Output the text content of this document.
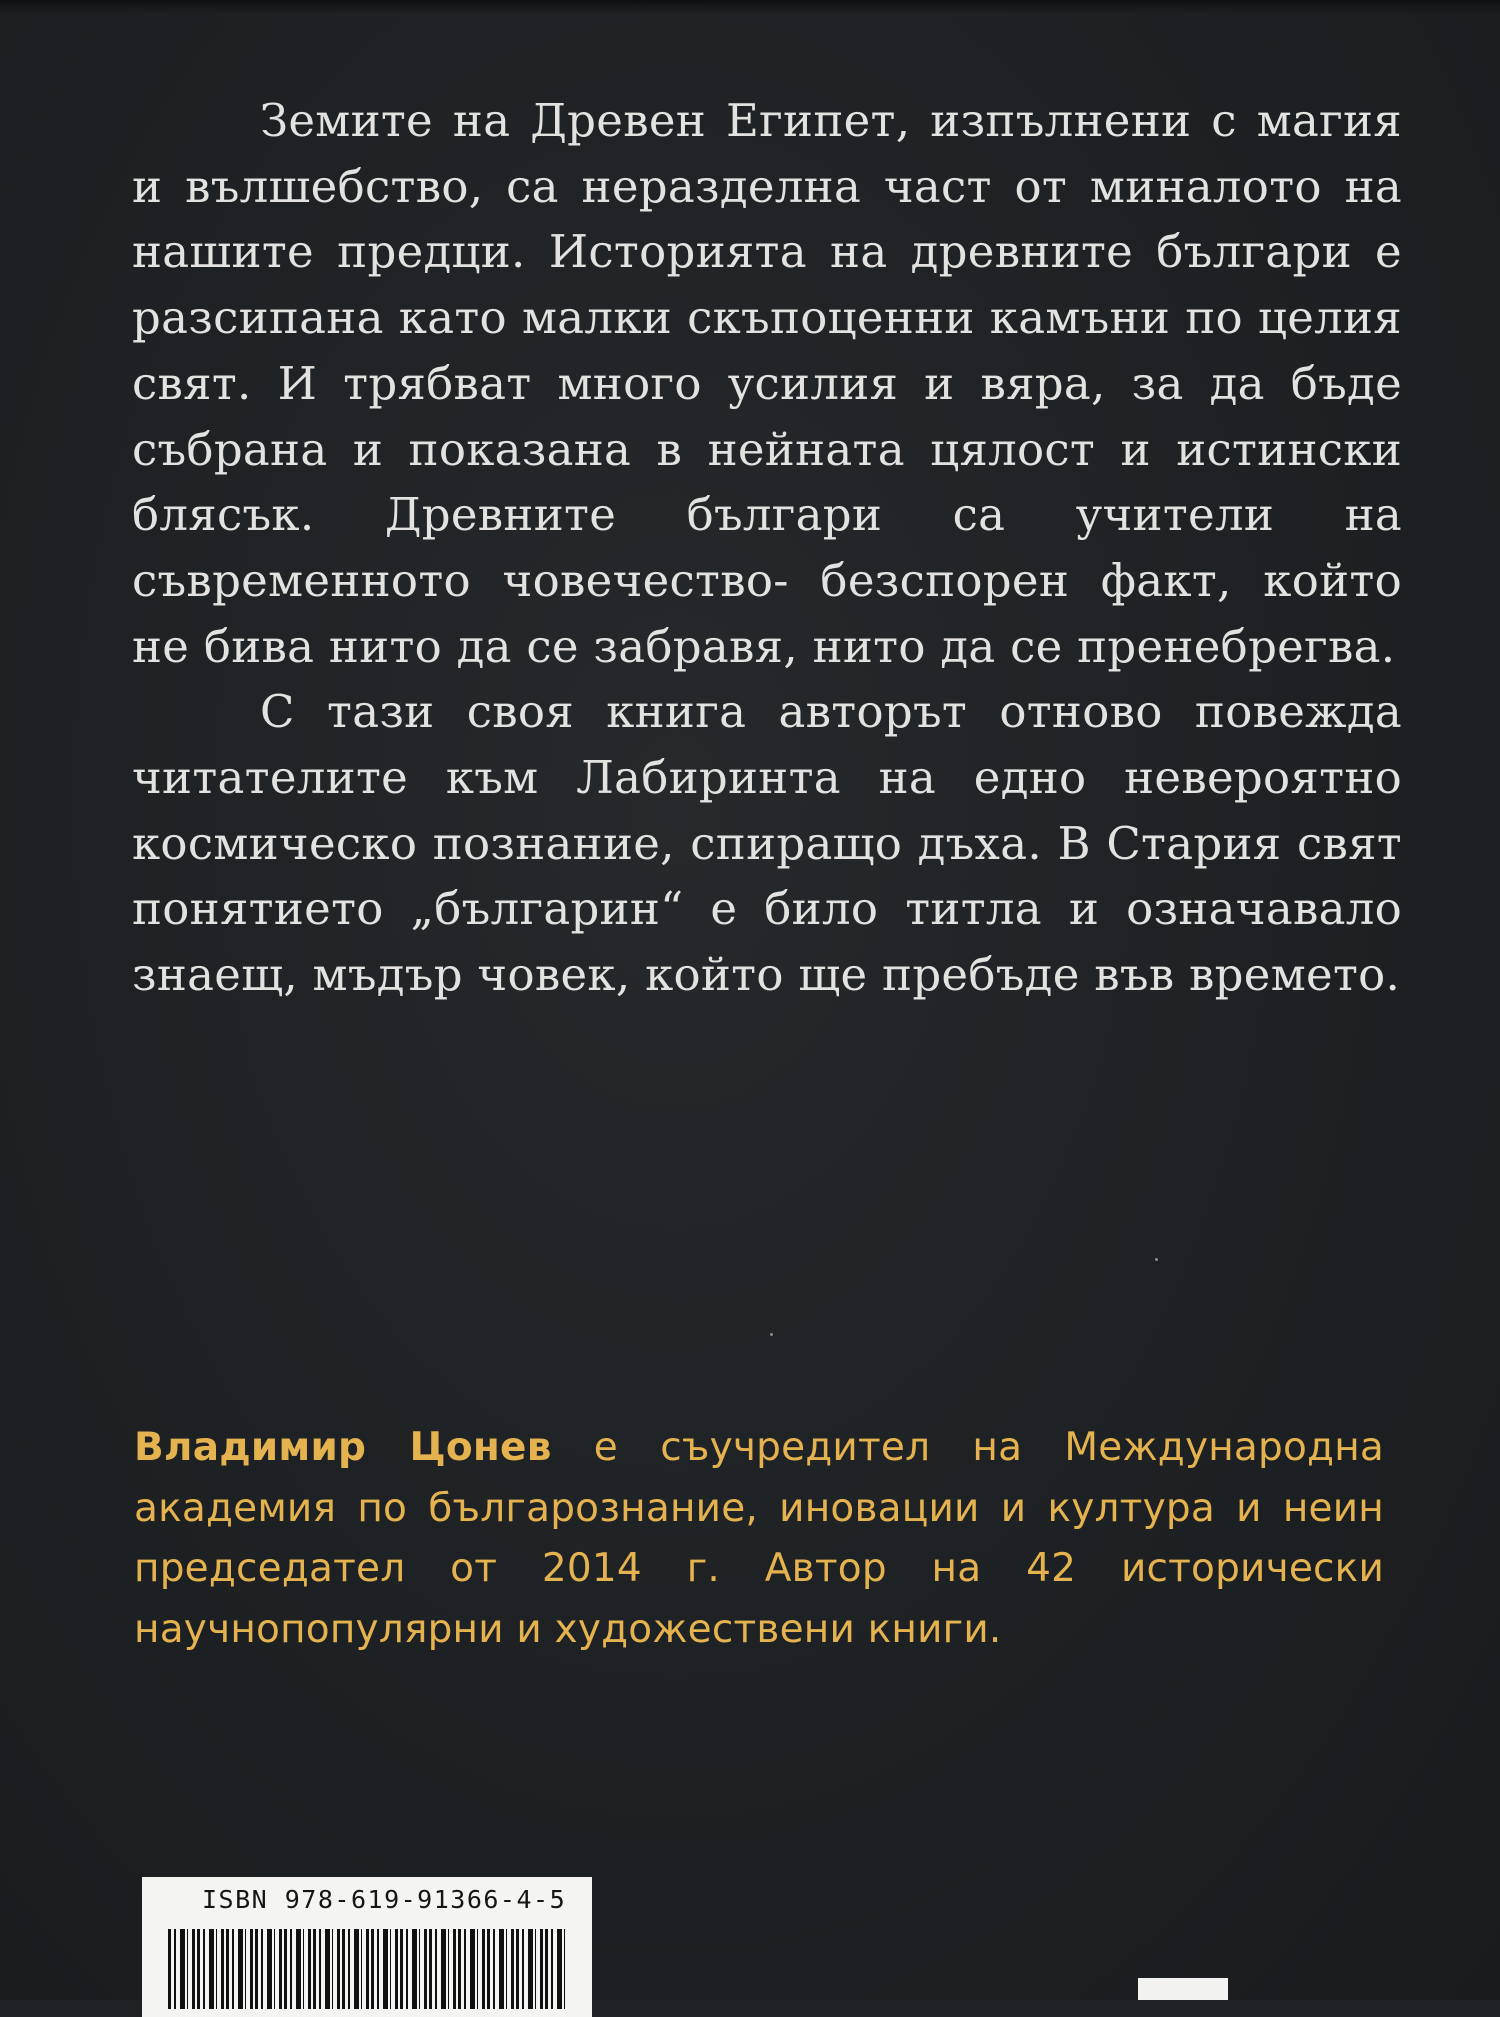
Земите на Древен Египет, изпълнени с магия и вълшебство, са неразделна част от миналото на нашите предци. Историята на древните българи е разсипана като малки скъпоценни камъни по целия свят. И трябват много усилия и вяра, за да бъде събрана и показана в нейната цялост и истински блясък. Древните българи са учители на съвременното човечество- безспорен факт, който не бива нито да се забравя, нито да се пренебрегва.

С тази своя книга авторът отново повежда читателите към Лабиринта на едно невероятно космическо познание, спиращо дъха. В Стария свят понятието „българин“ е било титла и означавало знаещ, мъдър човек, който ще пребъде във времето.

Владимир Цонев е съучредител на Международна академия по българознание, иновации и култура и неин председател от 2014 г. Автор на 42 исторически научнопопулярни и художествени книги.

ISBN 978-619-91366-4-5
